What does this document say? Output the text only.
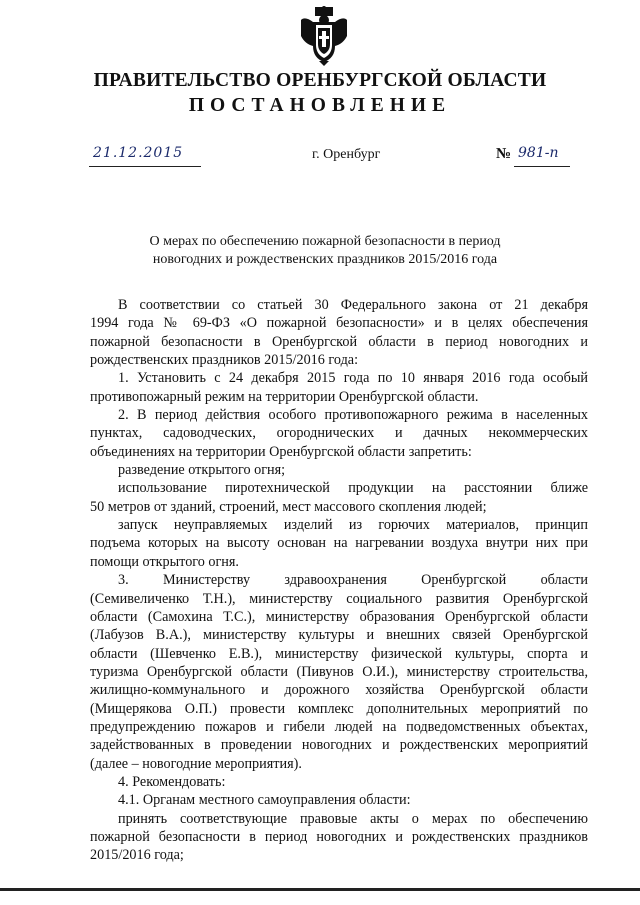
ПРАВИТЕЛЬСТВО ОРЕНБУРГСКОЙ ОБЛАСТИ
ПОСТАНОВЛЕНИЕ
21.12.2015	г. Оренбург	№ 981-п
О мерах по обеспечению пожарной безопасности в период
новогодних и рождественских праздников 2015/2016 года
В соответствии со статьей 30 Федерального закона от 21 декабря
1994 года № 69-ФЗ «О пожарной безопасности» и в целях обеспечения
пожарной безопасности в Оренбургской области в период новогодних и
рождественских праздников 2015/2016 года:
1. Установить с 24 декабря 2015 года по 10 января 2016 года особый
противопожарный режим на территории Оренбургской области.
2. В период действия особого противопожарного режима в населенных
пунктах, садоводческих, огороднических и дачных некоммерческих
объединениях на территории Оренбургской области запретить:
разведение открытого огня;
использование пиротехнической продукции на расстоянии ближе
50 метров от зданий, строений, мест массового скопления людей;
запуск неуправляемых изделий из горючих материалов, принцип
подъема которых на высоту основан на нагревании воздуха внутри них при
помощи открытого огня.
3. Министерству здравоохранения Оренбургской области
(Семивеличенко Т.Н.), министерству социального развития Оренбургской
области (Самохина Т.С.), министерству образования Оренбургской области
(Лабузов В.А.), министерству культуры и внешних связей Оренбургской
области (Шевченко Е.В.), министерству физической культуры, спорта и
туризма Оренбургской области (Пивунов О.И.), министерству строительства,
жилищно-коммунального и дорожного хозяйства Оренбургской области
(Мищерякова О.П.) провести комплекс дополнительных мероприятий по
предупреждению пожаров и гибели людей на подведомственных объектах,
задействованных в проведении новогодних и рождественских мероприятий
(далее – новогодние мероприятия).
4. Рекомендовать:
4.1. Органам местного самоуправления области:
принять соответствующие правовые акты о мерах по обеспечению
пожарной безопасности в период новогодних и рождественских праздников
2015/2016 года;
